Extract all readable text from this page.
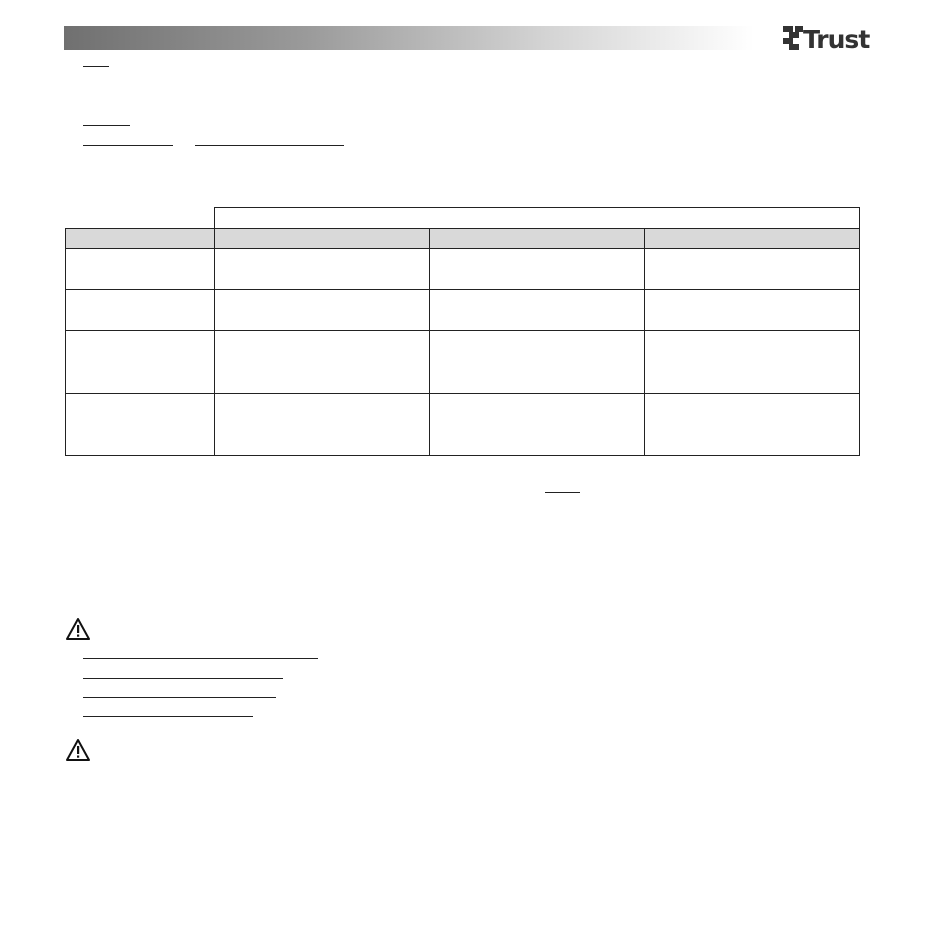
Trust
